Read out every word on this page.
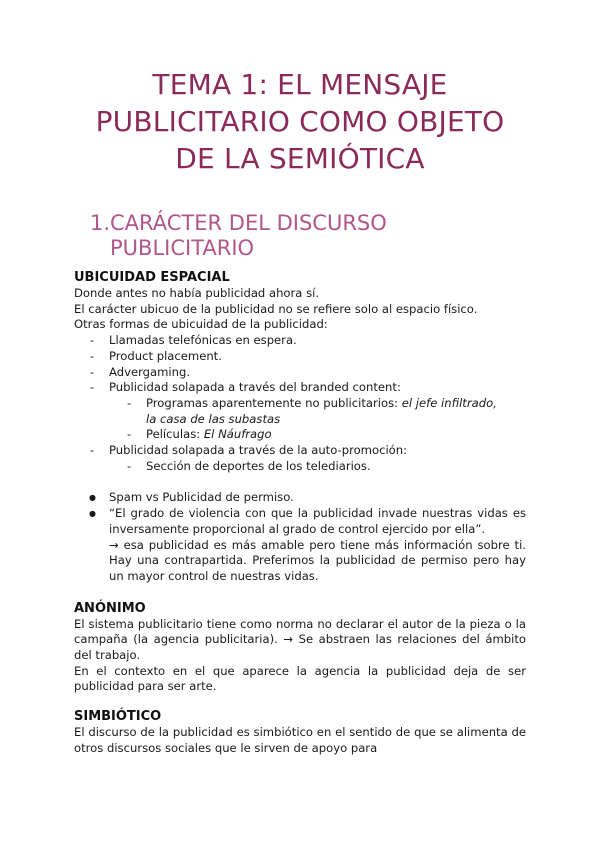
TEMA 1: EL MENSAJE
PUBLICITARIO COMO OBJETO
DE LA SEMIÓTICA
1. CARÁCTER DEL DISCURSO
PUBLICITARIO

UBICUIDAD ESPACIAL

Donde antes no había publicidad ahora sí.

El carácter ubicuo de la publicidad no se refiere solo al espacio físico.

Otras formas de ubicuidad de la publicidad:

- Llamadas telefónicas en espera.
- Product placement.
- Advergaming.
- Publicidad solapada a través del branded content:
- Programas aparentemente no publicitarios: el jefe infiltrado,
la casa de las subastas
- Películas: El Náufrago
- Publicidad solapada a través de la auto-promoción:
- Sección de deportes de los telediarios.
● Spam vs Publicidad de permiso.
● “El grado de violencia con que la publicidad invade nuestras vidas es inversamente proporcional al grado de control ejercido por ella”.
→ esa publicidad es más amable pero tiene más información sobre ti. Hay una contrapartida. Preferimos la publicidad de permiso pero hay un mayor control de nuestras vidas.

ANÓNIMO

El sistema publicitario tiene como norma no declarar el autor de la pieza o la campaña (la agencia publicitaria). → Se abstraen las relaciones del ámbito del trabajo.

En el contexto en el que aparece la agencia la publicidad deja de ser publicidad para ser arte.

SIMBIÓTICO

El discurso de la publicidad es simbiótico en el sentido de que se alimenta de otros discursos sociales que le sirven de apoyo para
